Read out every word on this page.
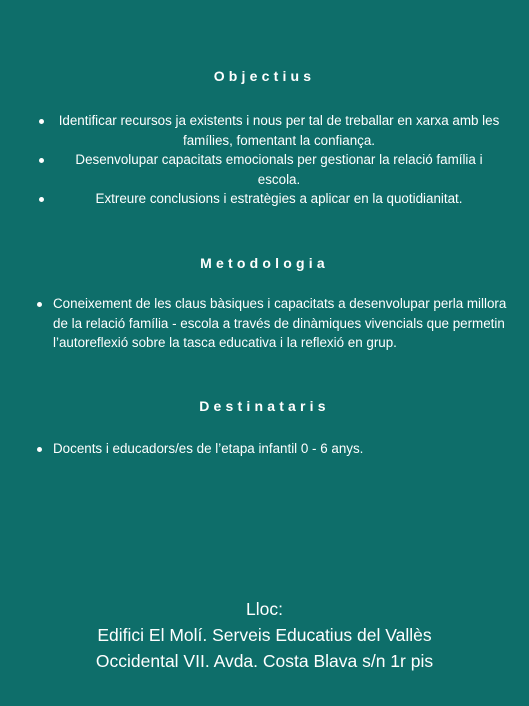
Objectius
Identificar recursos ja existents i nous per tal de treballar en xarxa amb les famílies, fomentant la confiança.
Desenvolupar capacitats emocionals per gestionar la relació família i escola.
Extreure conclusions i estratègies a aplicar en la quotidianitat.
Metodologia
Coneixement de les claus bàsiques i capacitats a desenvolupar perla millora de la relació família - escola a través de dinàmiques vivencials que permetin l’autoreflexió sobre la tasca educativa i la reflexió en grup.
Destinataris
Docents i educadors/es de l’etapa infantil 0 - 6 anys.
Lloc:
Edifici El Molí. Serveis Educatius del Vallès
Occidental VII. Avda. Costa Blava s/n 1r pis
